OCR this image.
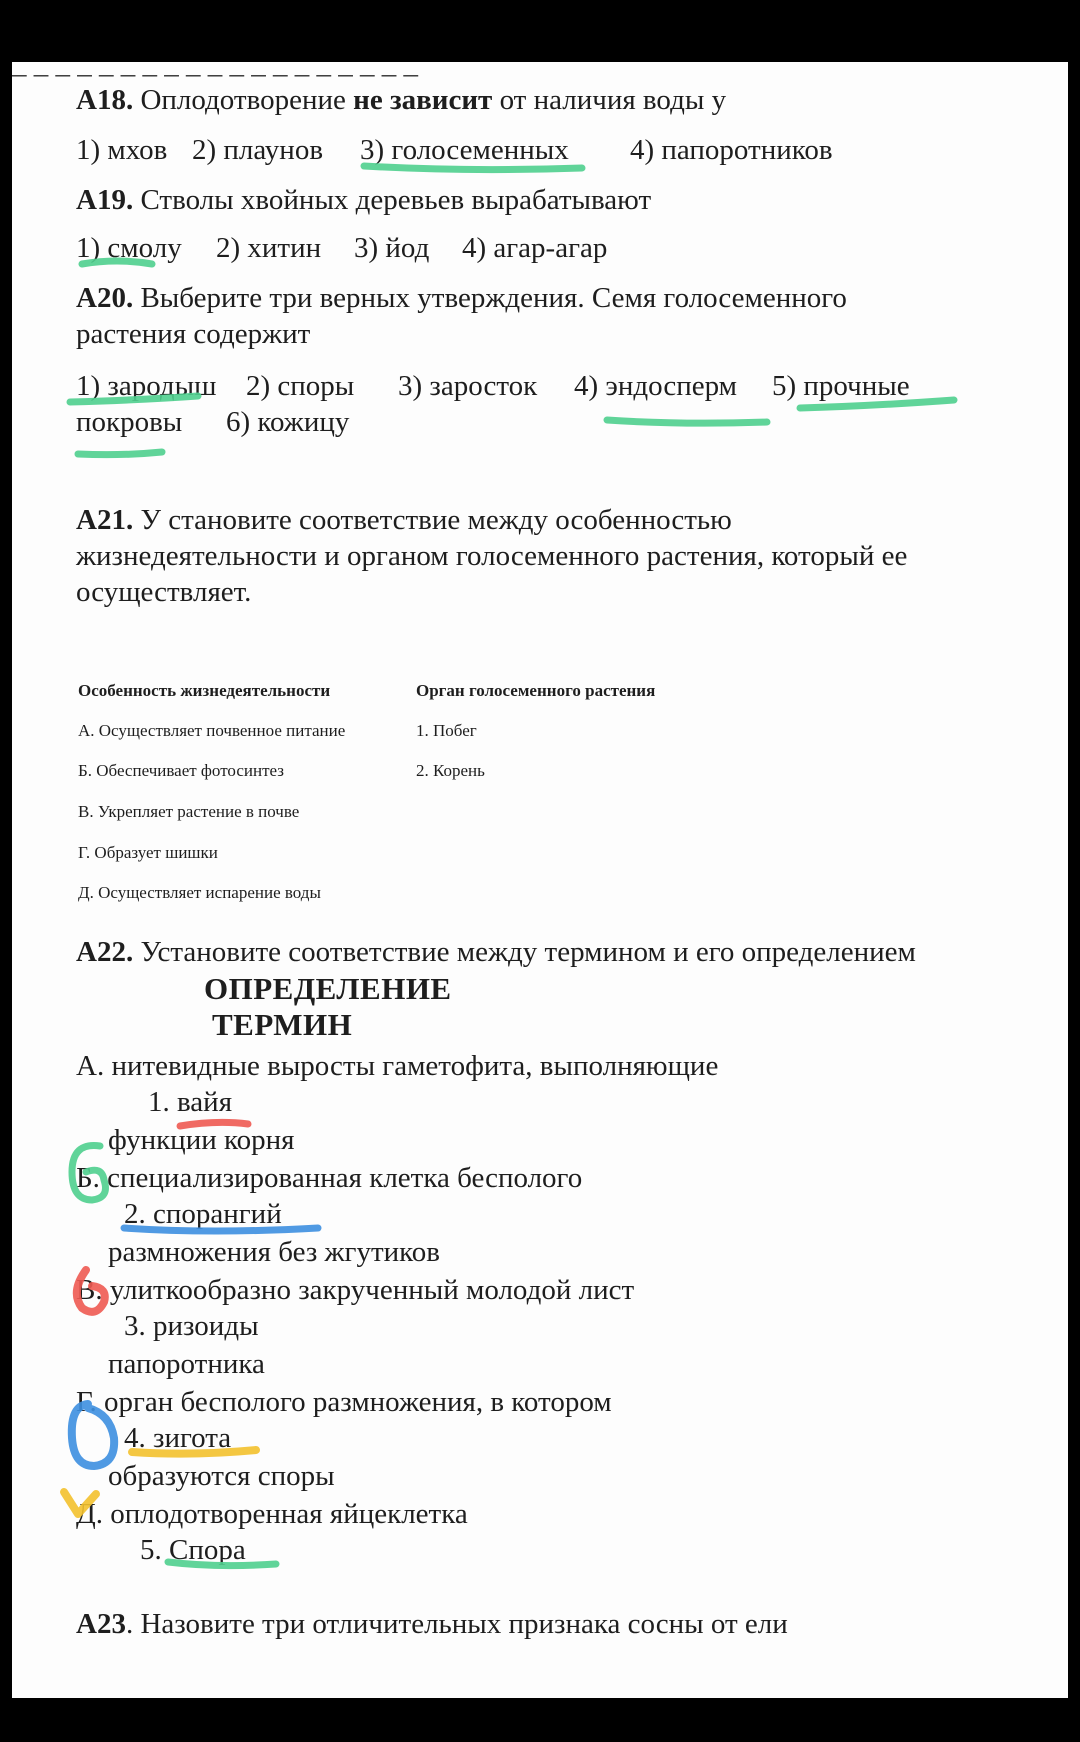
_ _ _ _ _ _ _ _ _ _ _ _ _ _ _ _ _ _ _
А18. Оплодотворение не зависит от наличия воды у
1) мхов 2) плаунов 3) голосеменных 4) папоротников
А19. Стволы хвойных деревьев вырабатывают
1) смолу 2) хитин 3) йод 4) агар-агар
А20. Выберите три верных утверждения. Семя голосеменного
растения содержит
1) зародыш 2) споры 3) заросток 4) эндосперм 5) прочные
покровы 6) кожицу
А21. У становите соответствие между особенностью
жизнедеятельности и органом голосеменного растения, который ее
осуществляет.
Особенность жизнедеятельности	Орган голосеменного растения
А. Осуществляет почвенное питание	1. Побег
Б. Обеспечивает фотосинтез	2. Корень
В. Укрепляет растение в почве
Г. Образует шишки
Д. Осуществляет испарение воды
А22. Установите соответствие между термином и его определением
ОПРЕДЕЛЕНИЕ
ТЕРМИН
А. нитевидные выросты гаметофита, выполняющие
1. вайя
функции корня
Б. специализированная клетка бесполого
2. спорангий
размножения без жгутиков
В. улиткообразно закрученный молодой лист
3. ризоиды
папоротника
Г. орган бесполого размножения, в котором
4. зигота
образуются споры
Д. оплодотворенная яйцеклетка
5. Спора
А23. Назовите три отличительных признака сосны от ели
